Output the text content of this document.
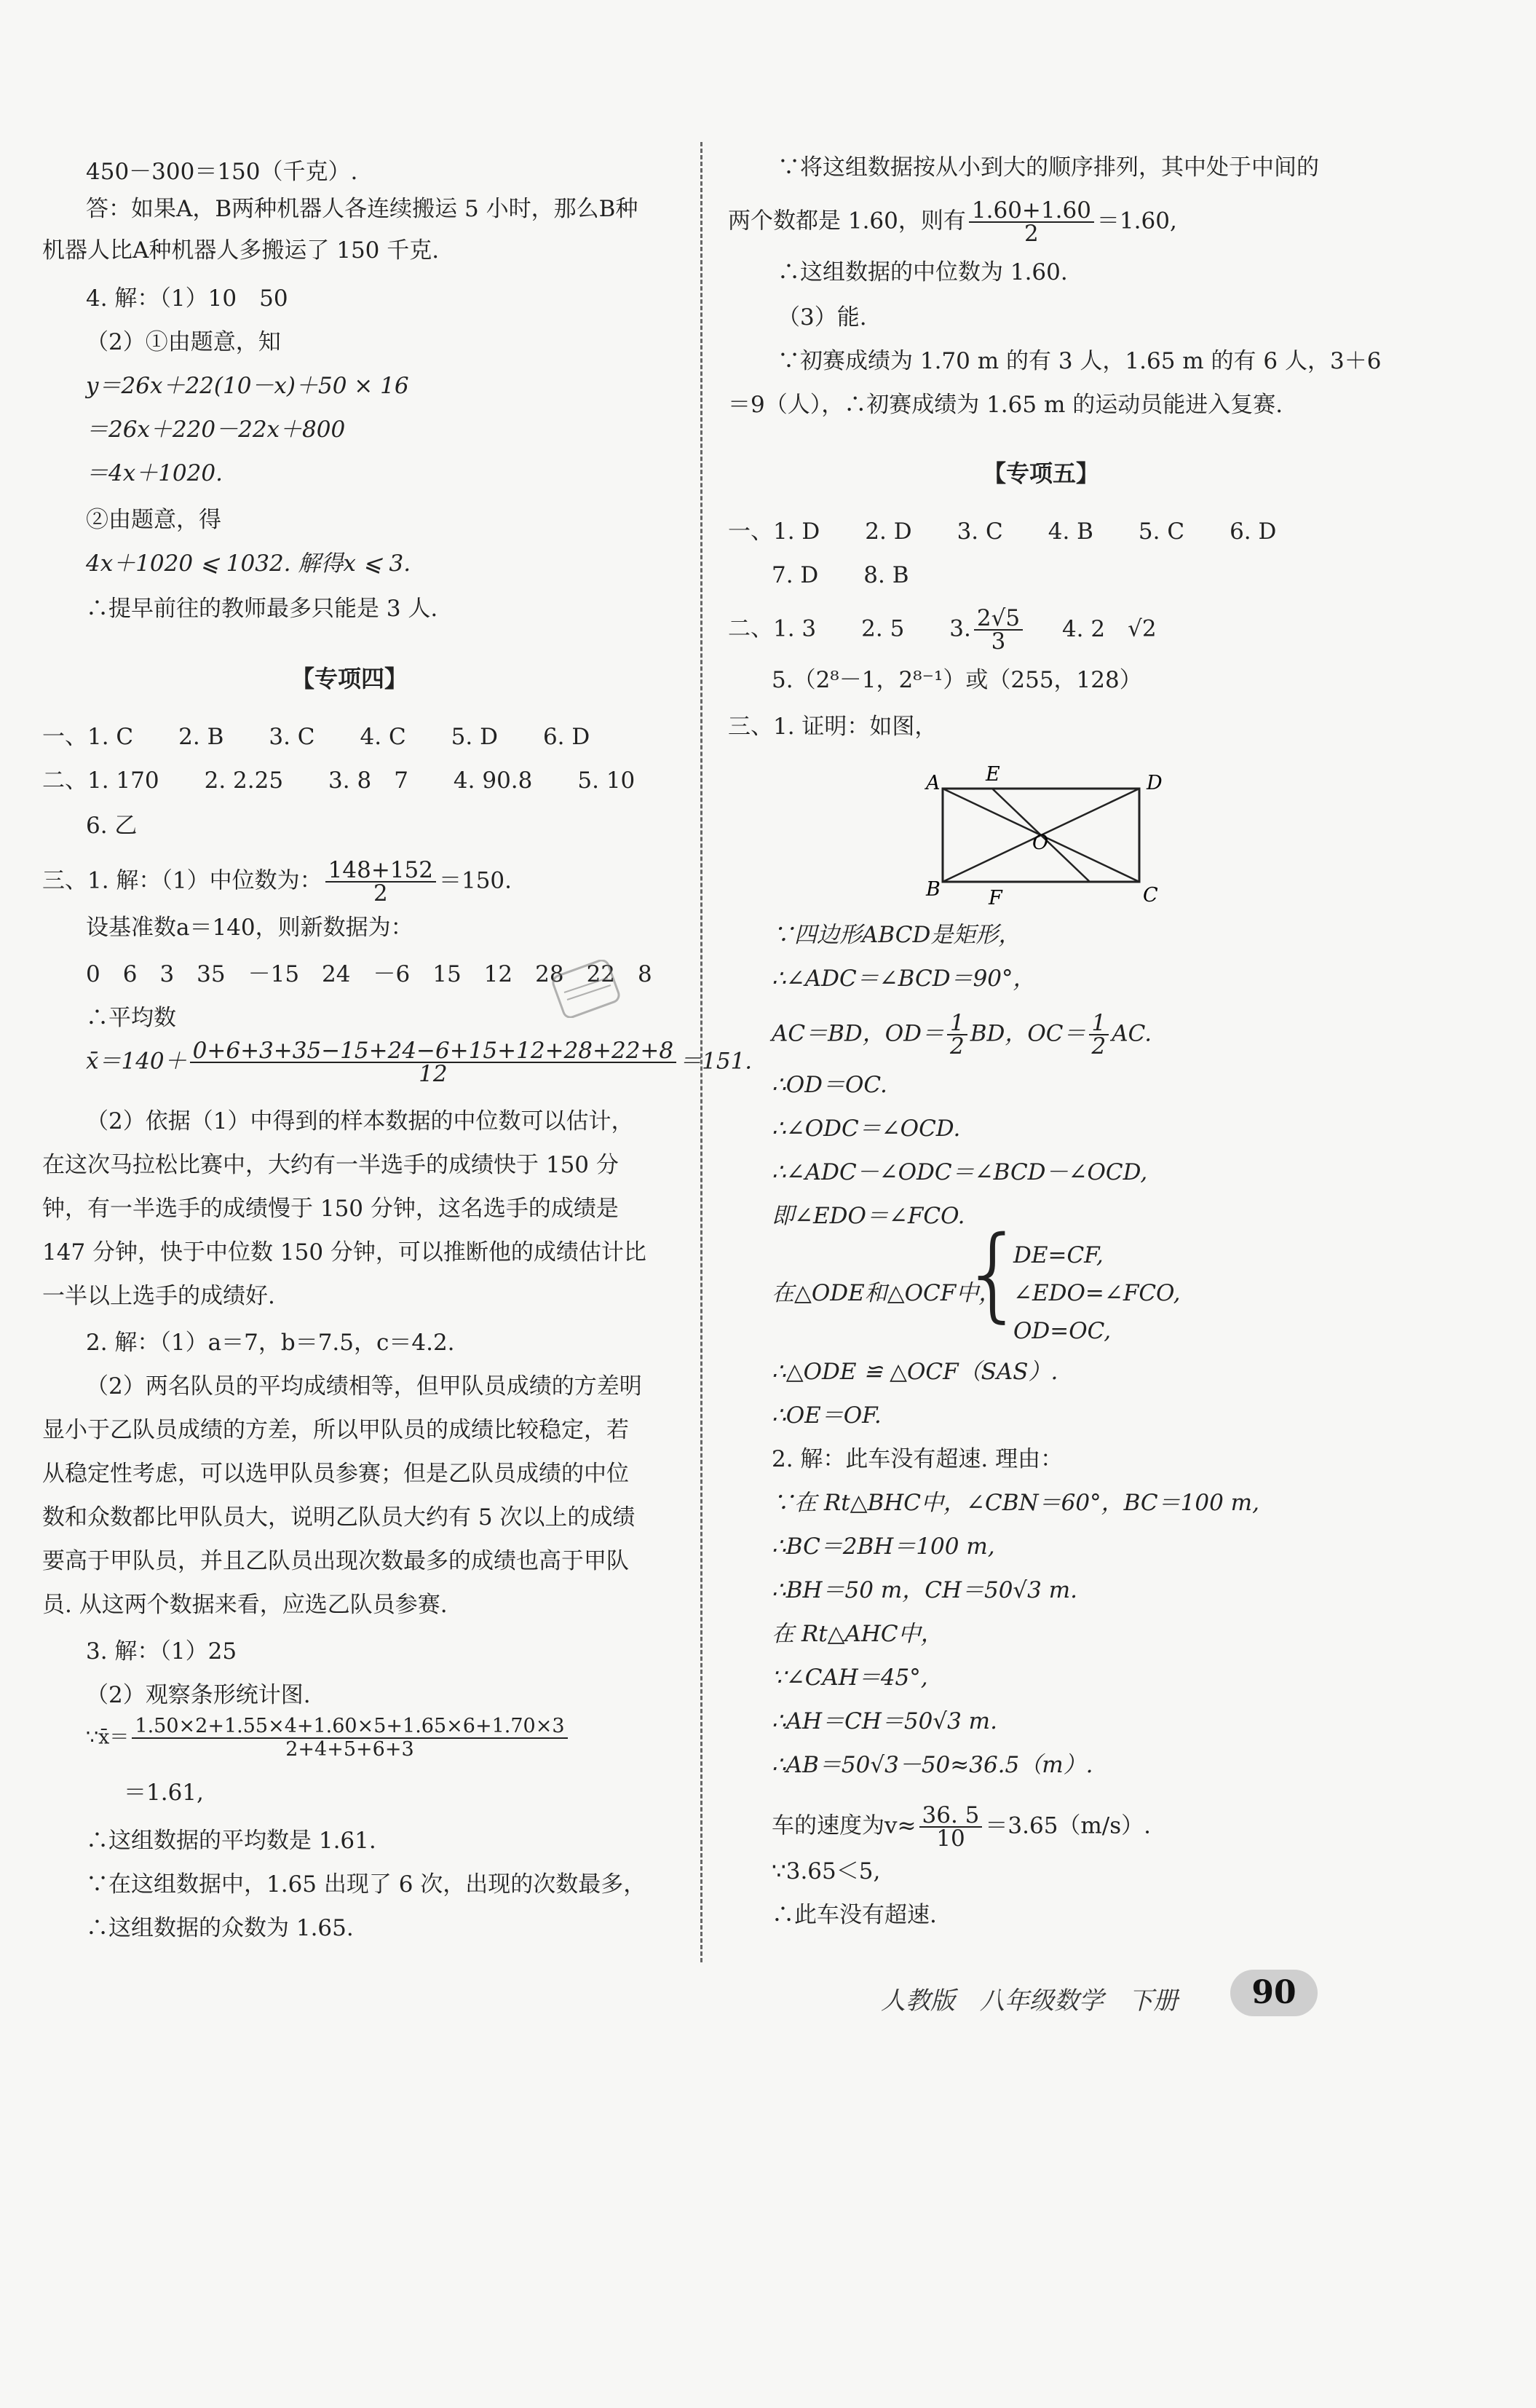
450－300＝150（千克）.
答：如果A，B两种机器人各连续搬运 5 小时，那么B种
机器人比A种机器人多搬运了 150 千克.
4. 解：（1）10　50
（2）①由题意，知
y＝26x＋22(10－x)＋50 × 16
＝26x＋220－22x＋800
＝4x＋1020.
②由题意，得
4x＋1020 ⩽ 1032. 解得x ⩽ 3.
∴提早前往的教师最多只能是 3 人.
【专项四】
一、1. C　　2. B　　3. C　　4. C　　5. D　　6. D
二、1. 170　　2. 2.25　　3. 8　7　　4. 90.8　　5. 10
6. 乙
三、1. 解：（1）中位数为： $\frac{148+152}{2} =150$.
设基准数a＝140，则新数据为：
0　6　3　35　－15　24　－6　15　12　28　22　8
∴平均数
x̄＝140＋ $\frac{0+6+3+35-15+24-6+15+12+28+22+8}{12} =151$.
（2）依据（1）中得到的样本数据的中位数可以估计，
在这次马拉松比赛中，大约有一半选手的成绩快于 150 分
钟，有一半选手的成绩慢于 150 分钟，这名选手的成绩是
147 分钟，快于中位数 150 分钟，可以推断他的成绩估计比
一半以上选手的成绩好.
2. 解：（1）a＝7，b＝7.5，c＝4.2.
（2）两名队员的平均成绩相等，但甲队员成绩的方差明
显小于乙队员成绩的方差，所以甲队员的成绩比较稳定，若
从稳定性考虑，可以选甲队员参赛；但是乙队员成绩的中位
数和众数都比甲队员大，说明乙队员大约有 5 次以上的成绩
要高于甲队员，并且乙队员出现次数最多的成绩也高于甲队
员. 从这两个数据来看，应选乙队员参赛.
3. 解：（1）25
（2）观察条形统计图.
∵x̄＝ $\frac{1.50\times 2+1.55\times 4+1.60\times 5+1.65\times 6+1.70\times 3}{2+4+5+6+3}$
＝1.61,
∴这组数据的平均数是 1.61.
∵在这组数据中，1.65 出现了 6 次，出现的次数最多，
∴这组数据的众数为 1.65.
∵将这组数据按从小到大的顺序排列，其中处于中间的
两个数都是 1.60，则有 $\frac{1.60+1.60}{2} =1.60$,
∴这组数据的中位数为 1.60.
（3）能.
∵初赛成绩为 1.70 m 的有 3 人，1.65 m 的有 6 人，3＋6
＝9（人），∴初赛成绩为 1.65 m 的运动员能进入复赛.
【专项五】
一、1. D　　2. D　　3. C　　4. B　　5. C　　6. D
7. D　　8. B
二、1. 3　　2. 5　　3. $\frac{2√5}{3} 4$. 2　√2
5.（2⁸－1，2⁸⁻¹）或（255，128）
三、1. 证明：如图，
A E	D
O
B F	C
∵四边形ABCD是矩形，
∴∠ADC＝∠BCD＝90°，
AC＝BD，$OD= \frac{1}{2}$ BD，$OC= \frac{1}{2}$ AC.
∴OD＝OC.
∴∠ODC＝∠OCD.
∴∠ADC－∠ODC＝∠BCD－∠OCD,
即∠EDO＝∠FCO.
在△ODE和△OCF中，
{
DE=CF,
∠EDO=∠FCO,
OD=OC,
∴△ODE ≌ △OCF（SAS）.
∴OE＝OF.
2. 解：此车没有超速. 理由：
∵在 Rt△BHC中，∠CBN＝60°，BC＝100 m,
∴BC＝2BH＝100 m,
∴BH＝50 m，CH＝50√3 m.
在 Rt△AHC中，
∵∠CAH＝45°,
∴AH＝CH＝50√3 m.
∴AB＝50√3－50≈36.5（m）.
车的速度为$v\approx \frac{36. 5}{10} =3.65(m/s)$.
∵3.65＜5,
∴此车没有超速.
人教版　八年级数学　下册	90
